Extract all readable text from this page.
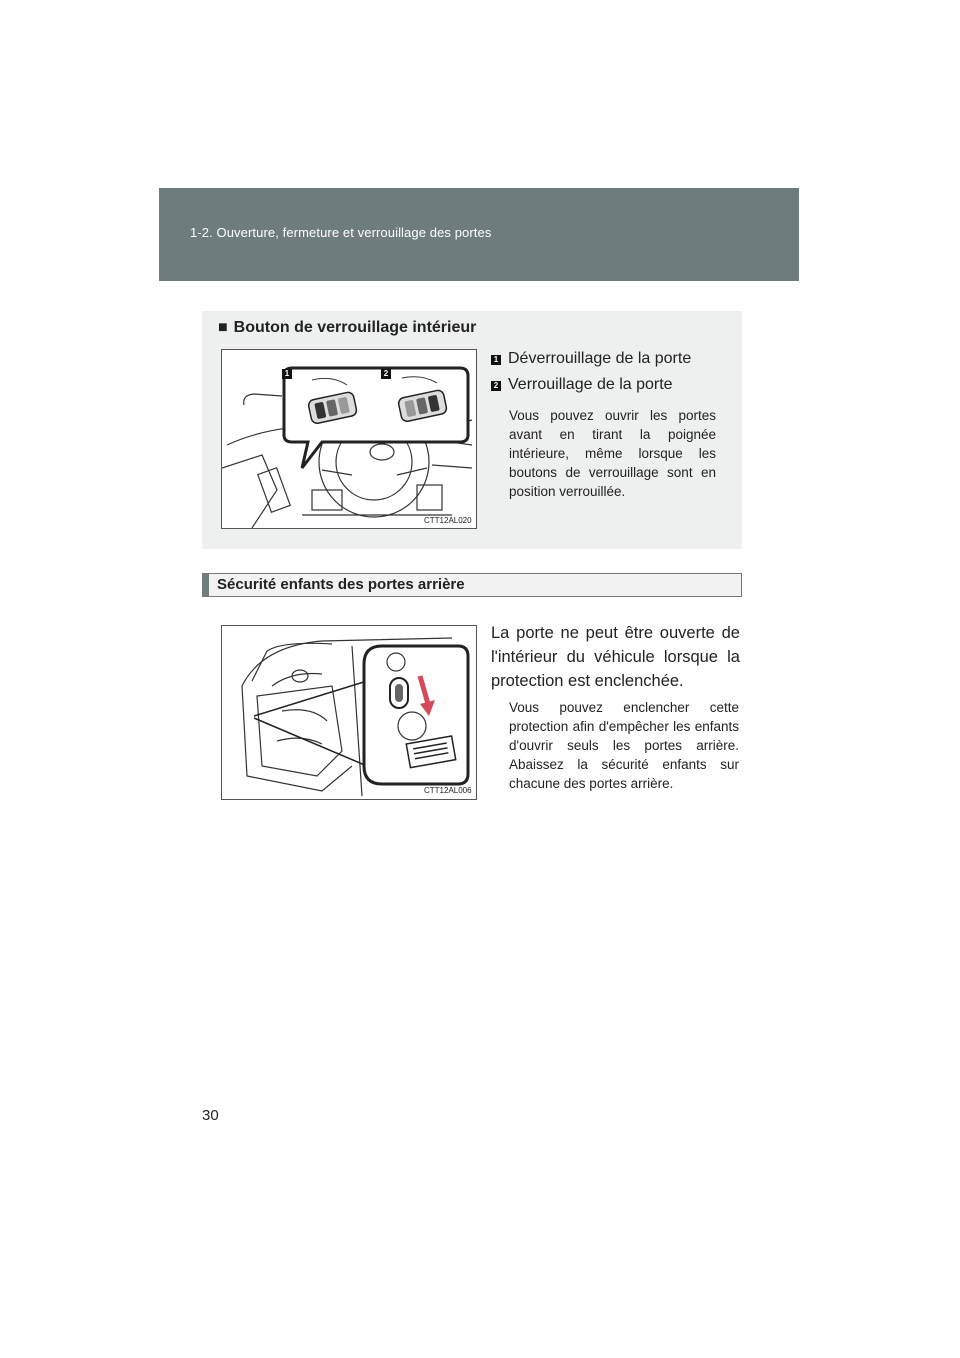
1-2. Ouverture, fermeture et verrouillage des portes
■ Bouton de verrouillage intérieur
1	2
CTT12AL020
1 Déverrouillage de la porte
2 Verrouillage de la porte
Vous pouvez ouvrir les portes avant en tirant la poignée intérieure, même lorsque les boutons de verrouillage sont en position verrouillée.
Sécurité enfants des portes arrière
CTT12AL006
La porte ne peut être ouverte de l'intérieur du véhicule lorsque la protection est enclenchée.
Vous pouvez enclencher cette protection afin d'empêcher les enfants d'ouvrir seuls les portes arrière. Abaissez la sécurité enfants sur chacune des portes arrière.
30
